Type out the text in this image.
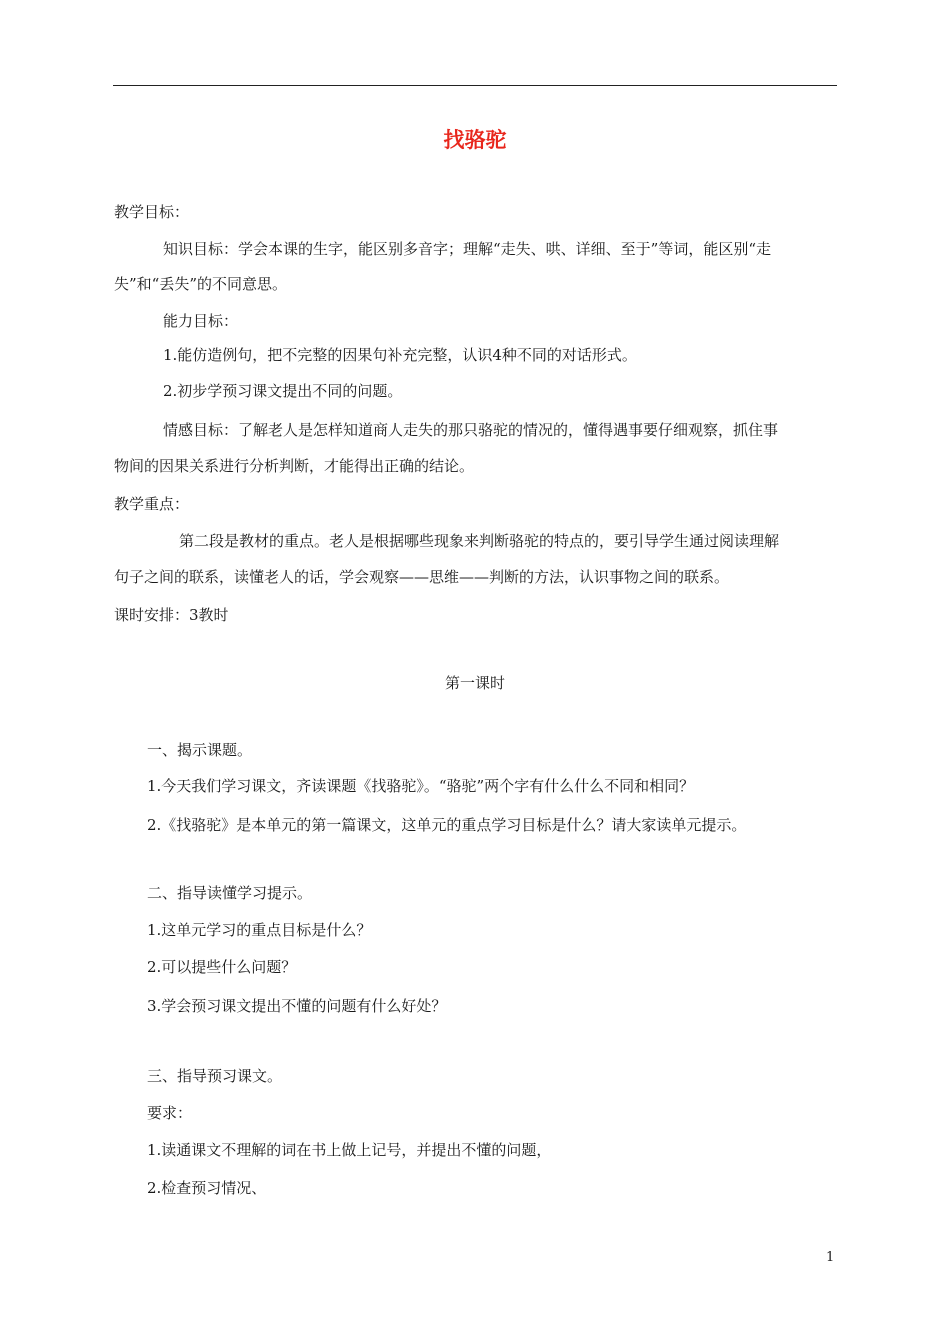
找骆驼
教学目标：
知识目标：学会本课的生字，能区别多音字；理解“走失、哄、详细、至于”等词，能区别“走
失”和“丢失”的不同意思。
能力目标：
1.能仿造例句，把不完整的因果句补充完整，认识4种不同的对话形式。
2.初步学预习课文提出不同的问题。
情感目标：了解老人是怎样知道商人走失的那只骆驼的情况的，懂得遇事要仔细观察，抓住事
物间的因果关系进行分析判断，才能得出正确的结论。
教学重点：
第二段是教材的重点。老人是根据哪些现象来判断骆驼的特点的，要引导学生通过阅读理解
句子之间的联系，读懂老人的话，学会观察——思维——判断的方法，认识事物之间的联系。
课时安排：3教时
第一课时
一、揭示课题。
1.今天我们学习课文，齐读课题《找骆驼》。“骆驼”两个字有什么什么不同和相同？
2.《找骆驼》是本单元的第一篇课文，这单元的重点学习目标是什么？请大家读单元提示。
二、指导读懂学习提示。
1.这单元学习的重点目标是什么？
2.可以提些什么问题？
3.学会预习课文提出不懂的问题有什么好处？
三、指导预习课文。
要求：
1.读通课文不理解的词在书上做上记号，并提出不懂的问题，
2.检查预习情况、
1
